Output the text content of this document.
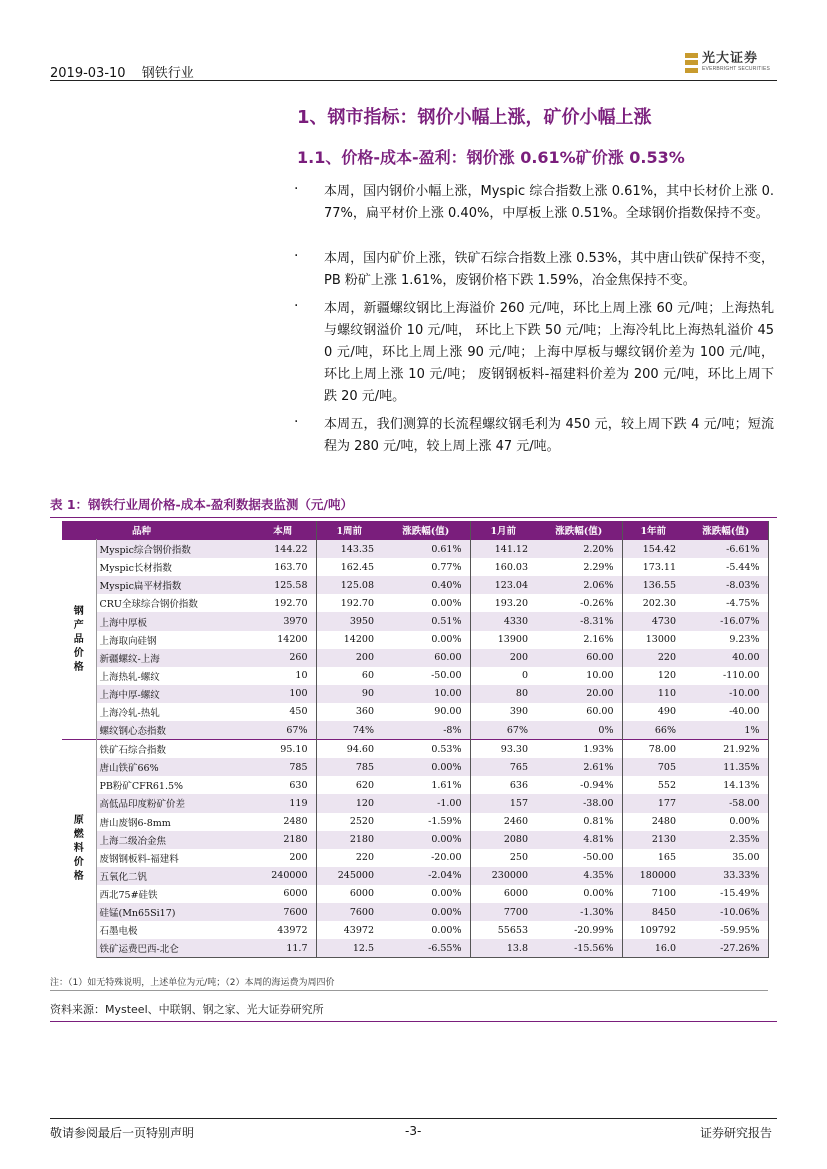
2019-03-10 钢铁行业
光大证券
EVERBRIGHT SECURITIES
1、钢市指标：钢价小幅上涨，矿价小幅上涨
1.1、价格-成本-盈利：钢价涨 0.61%矿价涨 0.53%
· 本周，国内钢价小幅上涨，Myspic 综合指数上涨 0.61%，其中长材价上涨 0.77%，扁平材价上涨 0.40%，中厚板上涨 0.51%。全球钢价指数保持不变。
· 本周，国内矿价上涨，铁矿石综合指数上涨 0.53%，其中唐山铁矿保持不变，PB 粉矿上涨 1.61%，废钢价格下跌 1.59%，冶金焦保持不变。
· 本周，新疆螺纹钢比上海溢价 260 元/吨，环比上周上涨 60 元/吨；上海热轧与螺纹钢溢价 10 元/吨， 环比上下跌 50 元/吨；上海冷轧比上海热轧溢价 450 元/吨，环比上周上涨 90 元/吨；上海中厚板与螺纹钢价差为 100 元/吨， 环比上周上涨 10 元/吨； 废钢钢板料-福建料价差为 200 元/吨，环比上周下跌 20 元/吨。
· 本周五，我们测算的长流程螺纹钢毛利为 450 元，较上周下跌 4 元/吨；短流程为 280 元/吨，较上周上涨 47 元/吨。
表 1：钢铁行业周价格-成本-盈利数据表监测（元/吨）
	品种	本周	1周前	涨跌幅(值)	1月前	涨跌幅(值)	1年前	涨跌幅(值)
钢产品价格	Myspic综合钢价指数	144.22	143.35	0.61%	141.12	2.20%	154.42	-6.61%
	Myspic长材指数	163.70	162.45	0.77%	160.03	2.29%	173.11	-5.44%
	Myspic扁平材指数	125.58	125.08	0.40%	123.04	2.06%	136.55	-8.03%
	CRU全球综合钢价指数	192.70	192.70	0.00%	193.20	-0.26%	202.30	-4.75%
	上海中厚板	3970	3950	0.51%	4330	-8.31%	4730	-16.07%
	上海取向硅钢	14200	14200	0.00%	13900	2.16%	13000	9.23%
	新疆螺纹-上海	260	200	60.00	200	60.00	220	40.00
	上海热轧-螺纹	10	60	-50.00	0	10.00	120	-110.00
	上海中厚-螺纹	100	90	10.00	80	20.00	110	-10.00
	上海冷轧-热轧	450	360	90.00	390	60.00	490	-40.00
	螺纹钢心态指数	67%	74%	-8%	67%	0%	66%	1%
原燃料价格	铁矿石综合指数	95.10	94.60	0.53%	93.30	1.93%	78.00	21.92%
	唐山铁矿66%	785	785	0.00%	765	2.61%	705	11.35%
	PB粉矿CFR61.5%	630	620	1.61%	636	-0.94%	552	14.13%
	高低品印度粉矿价差	119	120	-1.00	157	-38.00	177	-58.00
	唐山废钢6-8mm	2480	2520	-1.59%	2460	0.81%	2480	0.00%
	上海二级冶金焦	2180	2180	0.00%	2080	4.81%	2130	2.35%
	废钢钢板料-福建料	200	220	-20.00	250	-50.00	165	35.00
	五氧化二钒	240000	245000	-2.04%	230000	4.35%	180000	33.33%
	西北75#硅铁	6000	6000	0.00%	6000	0.00%	7100	-15.49%
	硅锰(Mn65Si17)	7600	7600	0.00%	7700	-1.30%	8450	-10.06%
	石墨电极	43972	43972	0.00%	55653	-20.99%	109792	-59.95%
	铁矿运费巴西-北仑	11.7	12.5	-6.55%	13.8	-15.56%	16.0	-27.26%
注：（1）如无特殊说明，上述单位为元/吨；（2）本周的海运费为周四价
资料来源：Mysteel、中联钢、钢之家、光大证券研究所
敬请参阅最后一页特别声明	-3-	证券研究报告
